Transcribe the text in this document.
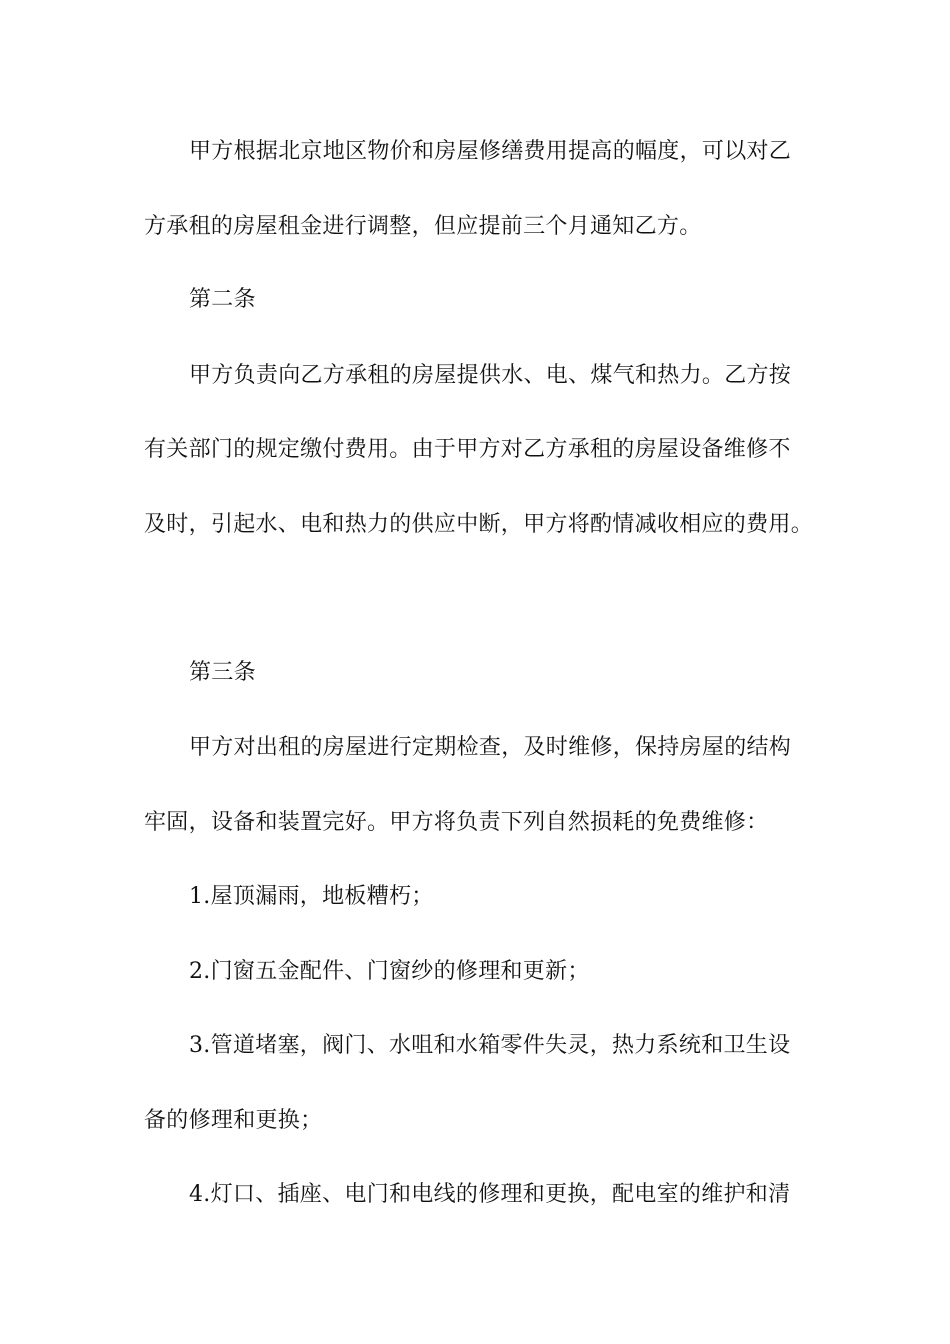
甲方根据北京地区物价和房屋修缮费用提高的幅度，可以对乙

方承租的房屋租金进行调整，但应提前三个月通知乙方。

第二条

甲方负责向乙方承租的房屋提供水、电、煤气和热力。乙方按

有关部门的规定缴付费用。由于甲方对乙方承租的房屋设备维修不

及时，引起水、电和热力的供应中断，甲方将酌情减收相应的费用。

第三条

甲方对出租的房屋进行定期检查，及时维修，保持房屋的结构

牢固，设备和装置完好。甲方将负责下列自然损耗的免费维修：

1.屋顶漏雨，地板糟朽；

2.门窗五金配件、门窗纱的修理和更新；

3.管道堵塞，阀门、水咀和水箱零件失灵，热力系统和卫生设

备的修理和更换；

4.灯口、插座、电门和电线的修理和更换，配电室的维护和清
